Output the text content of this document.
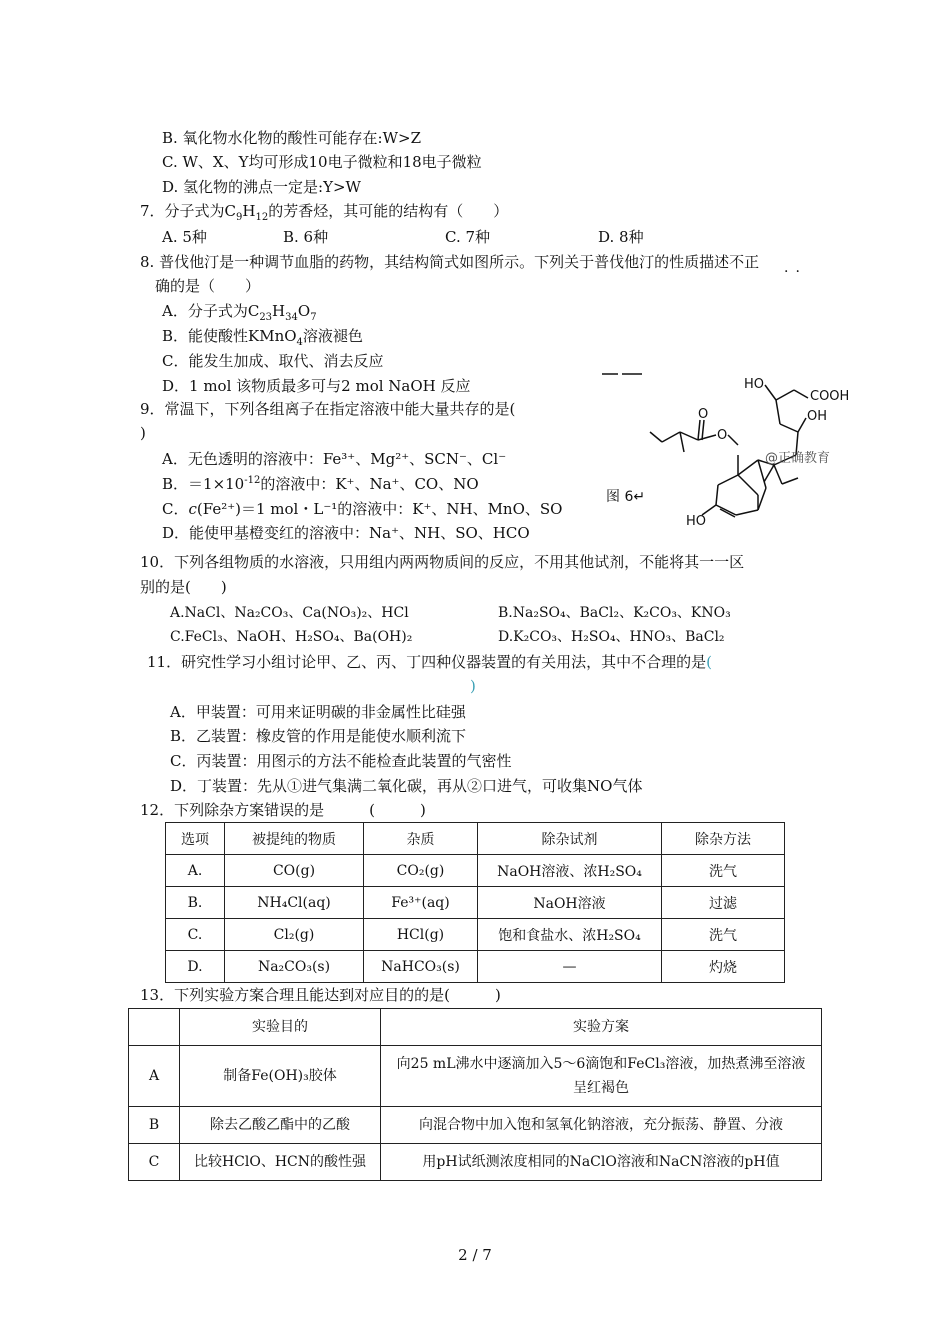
B. 氧化物水化物的酸性可能存在:W>Z
C. W、X、Y均可形成10电子微粒和18电子微粒
D. 氢化物的沸点一定是:Y>W
7．分子式为$C_9H_{12}$的芳香烃，其可能的结构有（　　）
A. 5种	B. 6种	C. 7种	D. 8种
8. 普伐他汀是一种调节血脂的药物，其结构简式如图所示。下列关于普伐他汀的性质描述不正
··
确的是（　　）
A．分子式为$C_{23}H_{34}O_7$
B．能使酸性KMnO$_4$溶液褪色
C．能发生加成、取代、消去反应
D．1 mol 该物质最多可与2 mol NaOH 反应	HO
COOH
OH
O
O
HO
@正确教育
图 6↵
9．常温下，下列各组离子在指定溶液中能大量共存的是(
)
A．无色透明的溶液中：Fe³⁺、Mg²⁺、SCN⁻、Cl⁻
B．$=1\times 10^{-12}$的溶液中：K⁺、Na⁺、CO、NO
C．c(Fe²⁺)＝1 mol・L⁻¹的溶液中：K⁺、NH、MnO、SO
D．能使甲基橙变红的溶液中：Na⁺、NH、SO、HCO
10．下列各组物质的水溶液，只用组内两两物质间的反应，不用其他试剂，不能将其一一区
别的是(　　)
A.NaCl、Na₂CO₃、Ca(NO₃)₂、HCl	B.Na₂SO₄、BaCl₂、K₂CO₃、KNO₃
C.FeCl₃、NaOH、H₂SO₄、Ba(OH)₂	D.K₂CO₃、H₂SO₄、HNO₃、BaCl₂
11．研究性学习小组讨论甲、乙、丙、丁四种仪器装置的有关用法，其中不合理的是(
)
A．甲装置：可用来证明碳的非金属性比硅强
B．乙装置：橡皮管的作用是能使水顺利流下
C．丙装置：用图示的方法不能检查此装置的气密性
D．丁装置：先从①进气集满二氧化碳，再从②口进气，可收集NO气体
12．下列除杂方案错误的是　　　(　　　)
选项	被提纯的物质	杂质	除杂试剂	除杂方法
A.	CO(g)	CO₂(g)	NaOH溶液、浓H₂SO₄	洗气
B.	NH₄Cl(aq)	Fe³⁺(aq)	NaOH溶液	过滤
C.	Cl₂(g)	HCl(g)	饱和食盐水、浓H₂SO₄	洗气
D.	Na₂CO₃(s)	NaHCO₃(s)	—	灼烧
13．下列实验方案合理且能达到对应目的的是(　　　)
	实验目的	实验方案
A	制备Fe(OH)₃胶体	向25 mL沸水中逐滴加入5～6滴饱和FeCl₃溶液，加热煮沸至溶液呈红褐色
B	除去乙酸乙酯中的乙酸	向混合物中加入饱和氢氧化钠溶液，充分振荡、静置、分液
C	比较HClO、HCN的酸性强	用pH试纸测浓度相同的NaClO溶液和NaCN溶液的pH值
2 / 7
